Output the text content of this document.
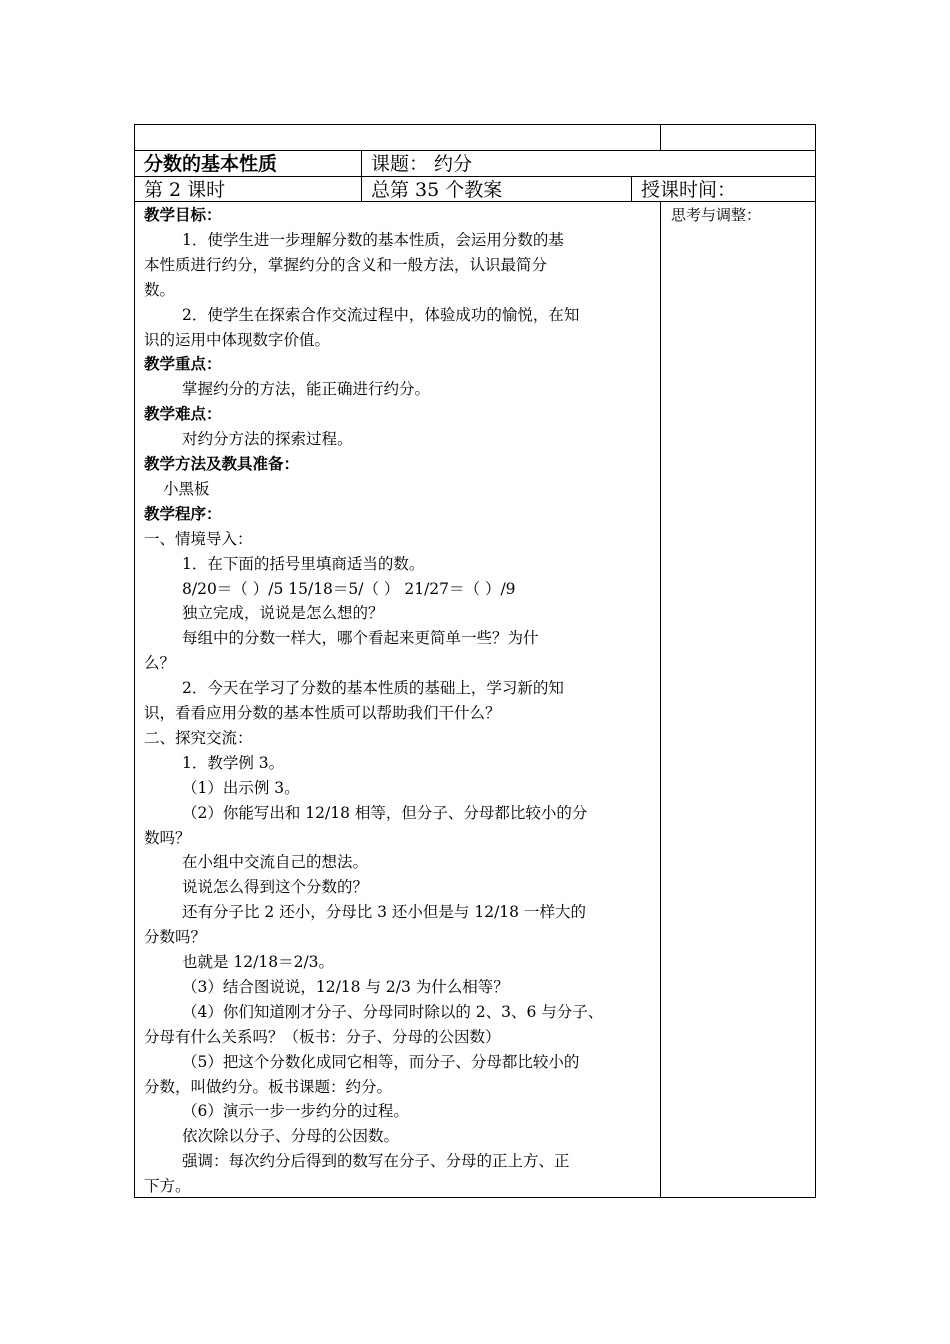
分数的基本性质	课题： 约分
第 2 课时	总第 35 个教案	授课时间：
思考与调整：
教学目标：
1．使学生进一步理解分数的基本性质，会运用分数的基
本性质进行约分，掌握约分的含义和一般方法，认识最简分
数。
2．使学生在探索合作交流过程中，体验成功的愉悦，在知
识的运用中体现数字价值。
教学重点：
掌握约分的方法，能正确进行约分。
教学难点：
对约分方法的探索过程。
教学方法及教具准备：
小黑板
教学程序：
一、情境导入：
1．在下面的括号里填商适当的数。
8/20＝（ ）/5 15/18＝5/（ ） 21/27＝（ ）/9
独立完成，说说是怎么想的？
每组中的分数一样大，哪个看起来更简单一些？为什
么？
2．今天在学习了分数的基本性质的基础上，学习新的知
识，看看应用分数的基本性质可以帮助我们干什么？
二、探究交流：
1．教学例 3。
（1）出示例 3。
（2）你能写出和 12/18 相等，但分子、分母都比较小的分
数吗？
在小组中交流自己的想法。
说说怎么得到这个分数的？
还有分子比 2 还小，分母比 3 还小但是与 12/18 一样大的
分数吗？
也就是 12/18＝2/3。
（3）结合图说说，12/18 与 2/3 为什么相等？
（4）你们知道刚才分子、分母同时除以的 2、3、6 与分子、
分母有什么关系吗？（板书：分子、分母的公因数）
（5）把这个分数化成同它相等，而分子、分母都比较小的
分数，叫做约分。板书课题：约分。
（6）演示一步一步约分的过程。
依次除以分子、分母的公因数。
强调：每次约分后得到的数写在分子、分母的正上方、正
下方。
